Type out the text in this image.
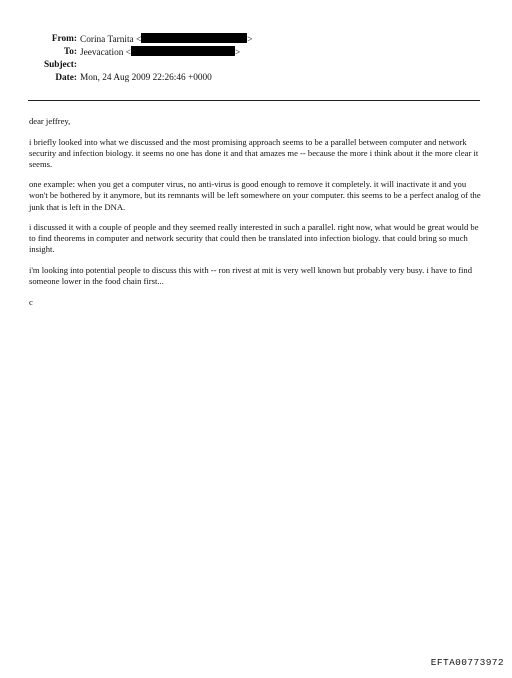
From: Corina Tarnita <	>
To: Jeevacation <	>
Subject:
Date: Mon, 24 Aug 2009 22:26:46 +0000

dear jeffrey,

i briefly looked into what we discussed and the most promising approach seems to be a parallel between computer and network security and infection biology. it seems no one has done it and that amazes me -- because the more i think about it the more clear it seems.

one example: when you get a computer virus, no anti-virus is good enough to remove it completely. it will inactivate it and you won't be bothered by it anymore, but its remnants will be left somewhere on your computer. this seems to be a perfect analog of the junk that is left in the DNA.

i discussed it with a couple of people and they seemed really interested in such a parallel. right now, what would be great would be to find theorems in computer and network security that could then be translated into infection biology. that could bring so much insight.

i'm looking into potential people to discuss this with -- ron rivest at mit is very well known but probably very busy. i have to find someone lower in the food chain first...

c

EFTA00773972
